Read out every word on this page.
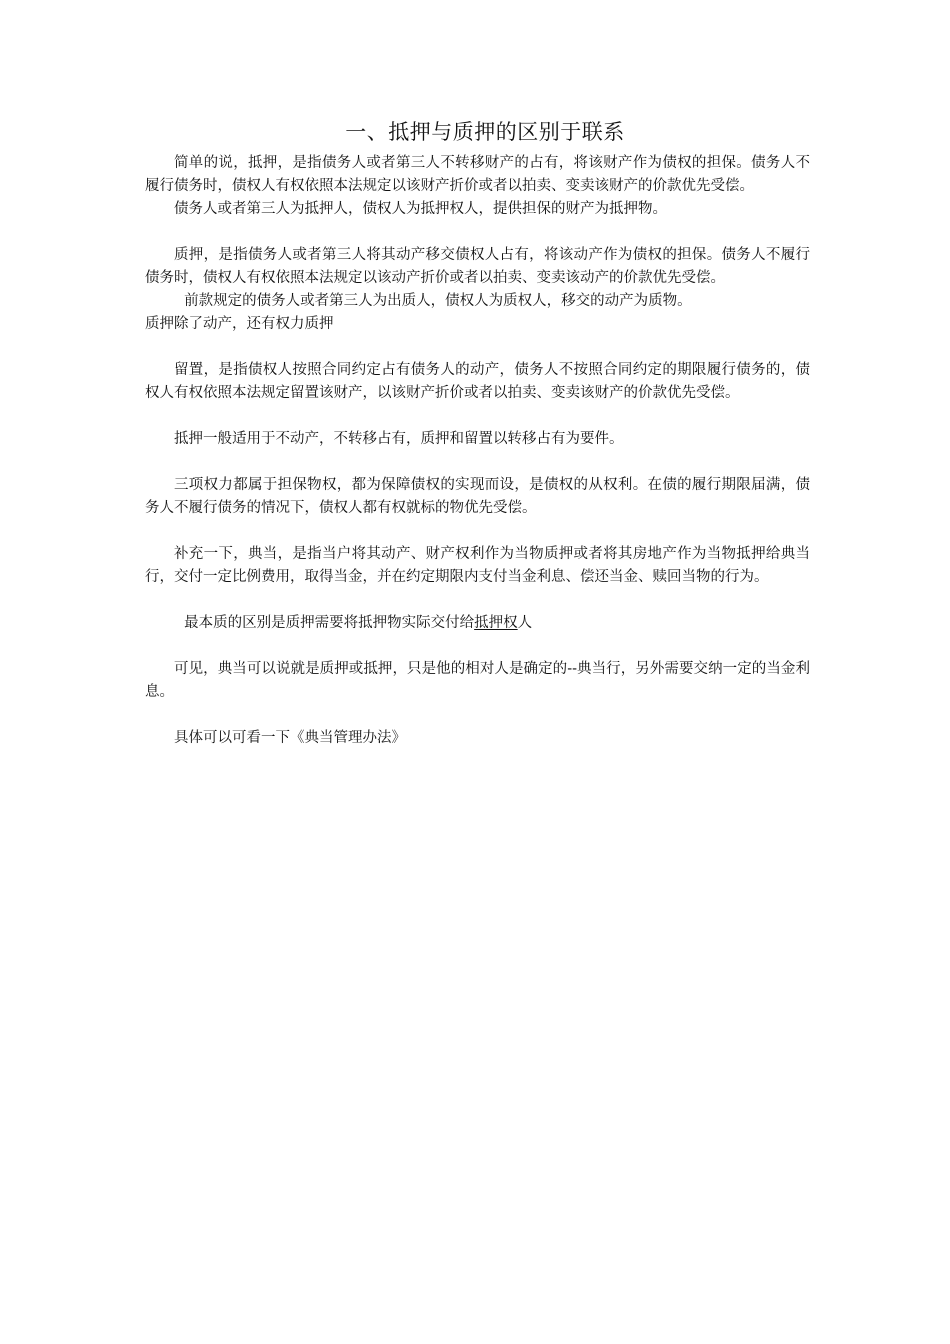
一、抵押与质押的区别于联系

简单的说，抵押，是指债务人或者第三人不转移财产的占有，将该财产作为债权的担保。债务人不履行债务时，债权人有权依照本法规定以该财产折价或者以拍卖、变卖该财产的价款优先受偿。

债务人或者第三人为抵押人，债权人为抵押权人，提供担保的财产为抵押物。

质押，是指债务人或者第三人将其动产移交债权人占有，将该动产作为债权的担保。债务人不履行债务时，债权人有权依照本法规定以该动产折价或者以拍卖、变卖该动产的价款优先受偿。

前款规定的债务人或者第三人为出质人，债权人为质权人，移交的动产为质物。

质押除了动产，还有权力质押

留置，是指债权人按照合同约定占有债务人的动产，债务人不按照合同约定的期限履行债务的，债权人有权依照本法规定留置该财产，以该财产折价或者以拍卖、变卖该财产的价款优先受偿。

抵押一般适用于不动产，不转移占有，质押和留置以转移占有为要件。

三项权力都属于担保物权，都为保障债权的实现而设，是债权的从权利。在债的履行期限届满，债务人不履行债务的情况下，债权人都有权就标的物优先受偿。

补充一下，典当，是指当户将其动产、财产权利作为当物质押或者将其房地产作为当物抵押给典当行，交付一定比例费用，取得当金，并在约定期限内支付当金利息、偿还当金、赎回当物的行为。

最本质的区别是质押需要将抵押物实际交付给抵押权人

可见，典当可以说就是质押或抵押，只是他的相对人是确定的--典当行，另外需要交纳一定的当金利息。

具体可以可看一下《典当管理办法》
